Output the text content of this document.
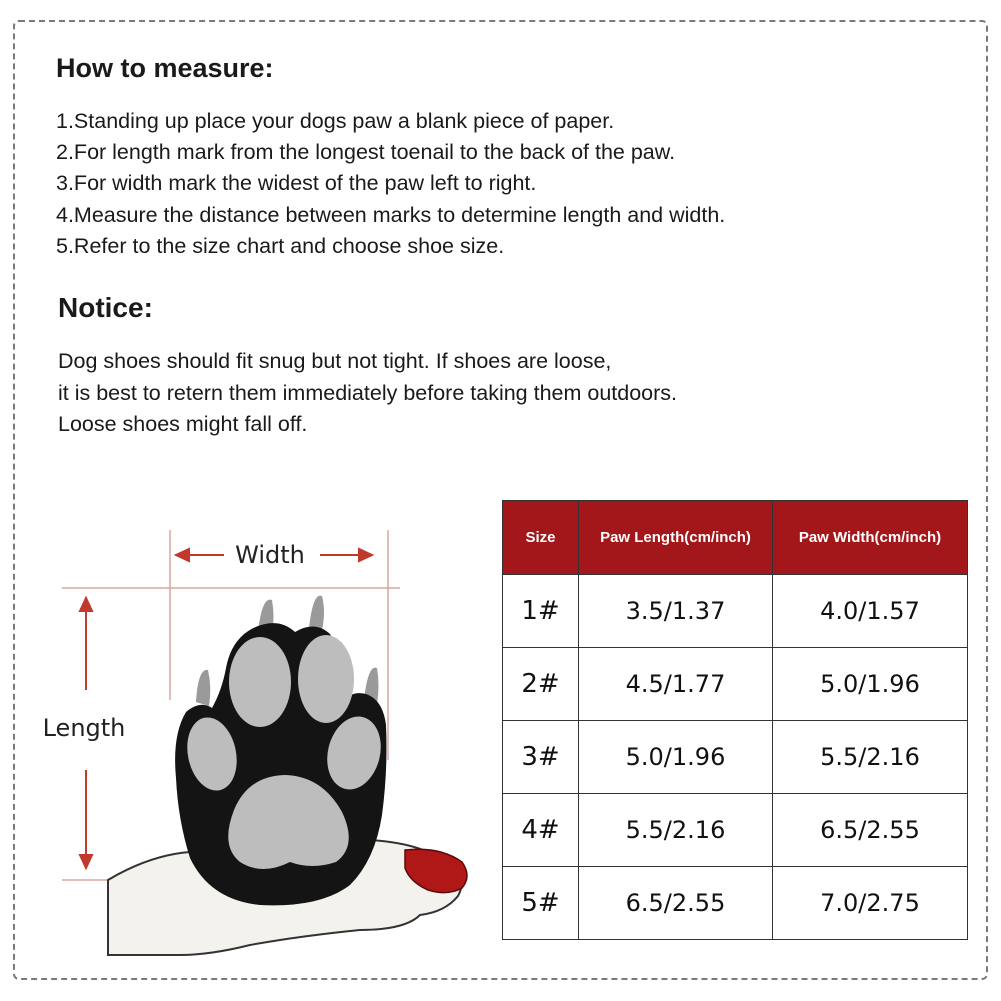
How to measure:
1.Standing up place your dogs paw a blank piece of paper.
2.For length mark from the longest toenail to the back of the paw.
3.For width mark the widest of the paw left to right.
4.Measure the distance between marks to determine length and width.
5.Refer to the size chart and choose shoe size.
Notice:
Dog shoes should fit snug but not tight. If shoes are loose,
it is best to retern them immediately before taking them outdoors.
Loose shoes might fall off.
Width
Length
Size	Paw Length(cm/inch)	Paw Width(cm/inch)
1#	3.5/1.37	4.0/1.57
2#	4.5/1.77	5.0/1.96
3#	5.0/1.96	5.5/2.16
4#	5.5/2.16	6.5/2.55
5#	6.5/2.55	7.0/2.75
